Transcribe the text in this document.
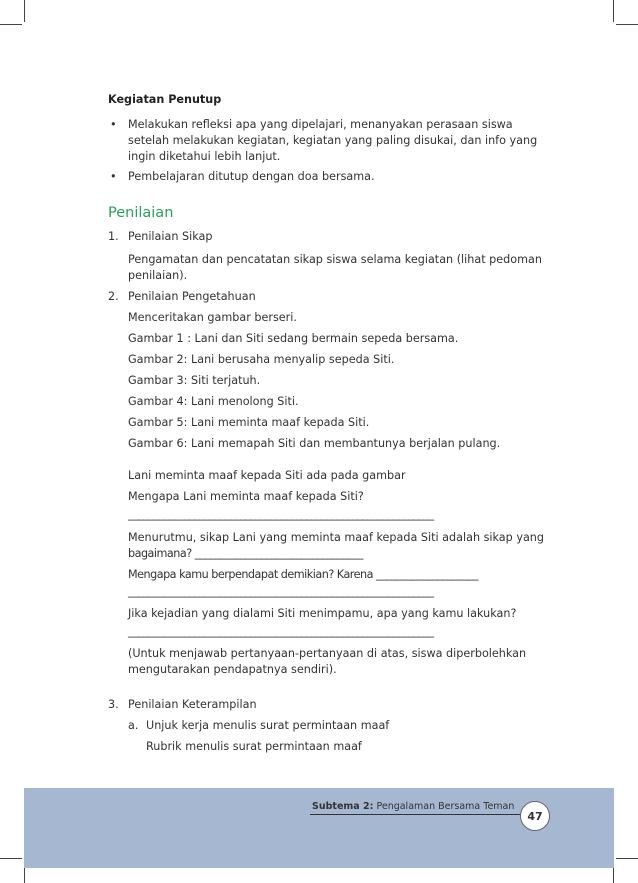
Kegiatan Penutup
• Melakukan refleksi apa yang dipelajari, menanyakan perasaan siswa
setelah melakukan kegiatan, kegiatan yang paling disukai, dan info yang
ingin diketahui lebih lanjut.
• Pembelajaran ditutup dengan doa bersama.
Penilaian
1. Penilaian Sikap
Pengamatan dan pencatatan sikap siswa selama kegiatan (lihat pedoman
penilaian).
2. Penilaian Pengetahuan
Menceritakan gambar berseri.
Gambar 1 : Lani dan Siti sedang bermain sepeda bersama.
Gambar 2: Lani berusaha menyalip sepeda Siti.
Gambar 3: Siti terjatuh.
Gambar 4: Lani menolong Siti.
Gambar 5: Lani meminta maaf kepada Siti.
Gambar 6: Lani memapah Siti dan membantunya berjalan pulang.
Lani meminta maaf kepada Siti ada pada gambar
Mengapa Lani meminta maaf kepada Siti?
____________________________________________________________
Menurutmu, sikap Lani yang meminta maaf kepada Siti adalah sikap yang
bagaimana? _________________________________
Mengapa kamu berpendapat demikian? Karena ____________________
____________________________________________________________
Jika kejadian yang dialami Siti menimpamu, apa yang kamu lakukan?
____________________________________________________________
(Untuk menjawab pertanyaan-pertanyaan di atas, siswa diperbolehkan
mengutarakan pendapatnya sendiri).
3. Penilaian Keterampilan
a. Unjuk kerja menulis surat permintaan maaf
Rubrik menulis surat permintaan maaf
Subtema 2: Pengalaman Bersama Teman
47
